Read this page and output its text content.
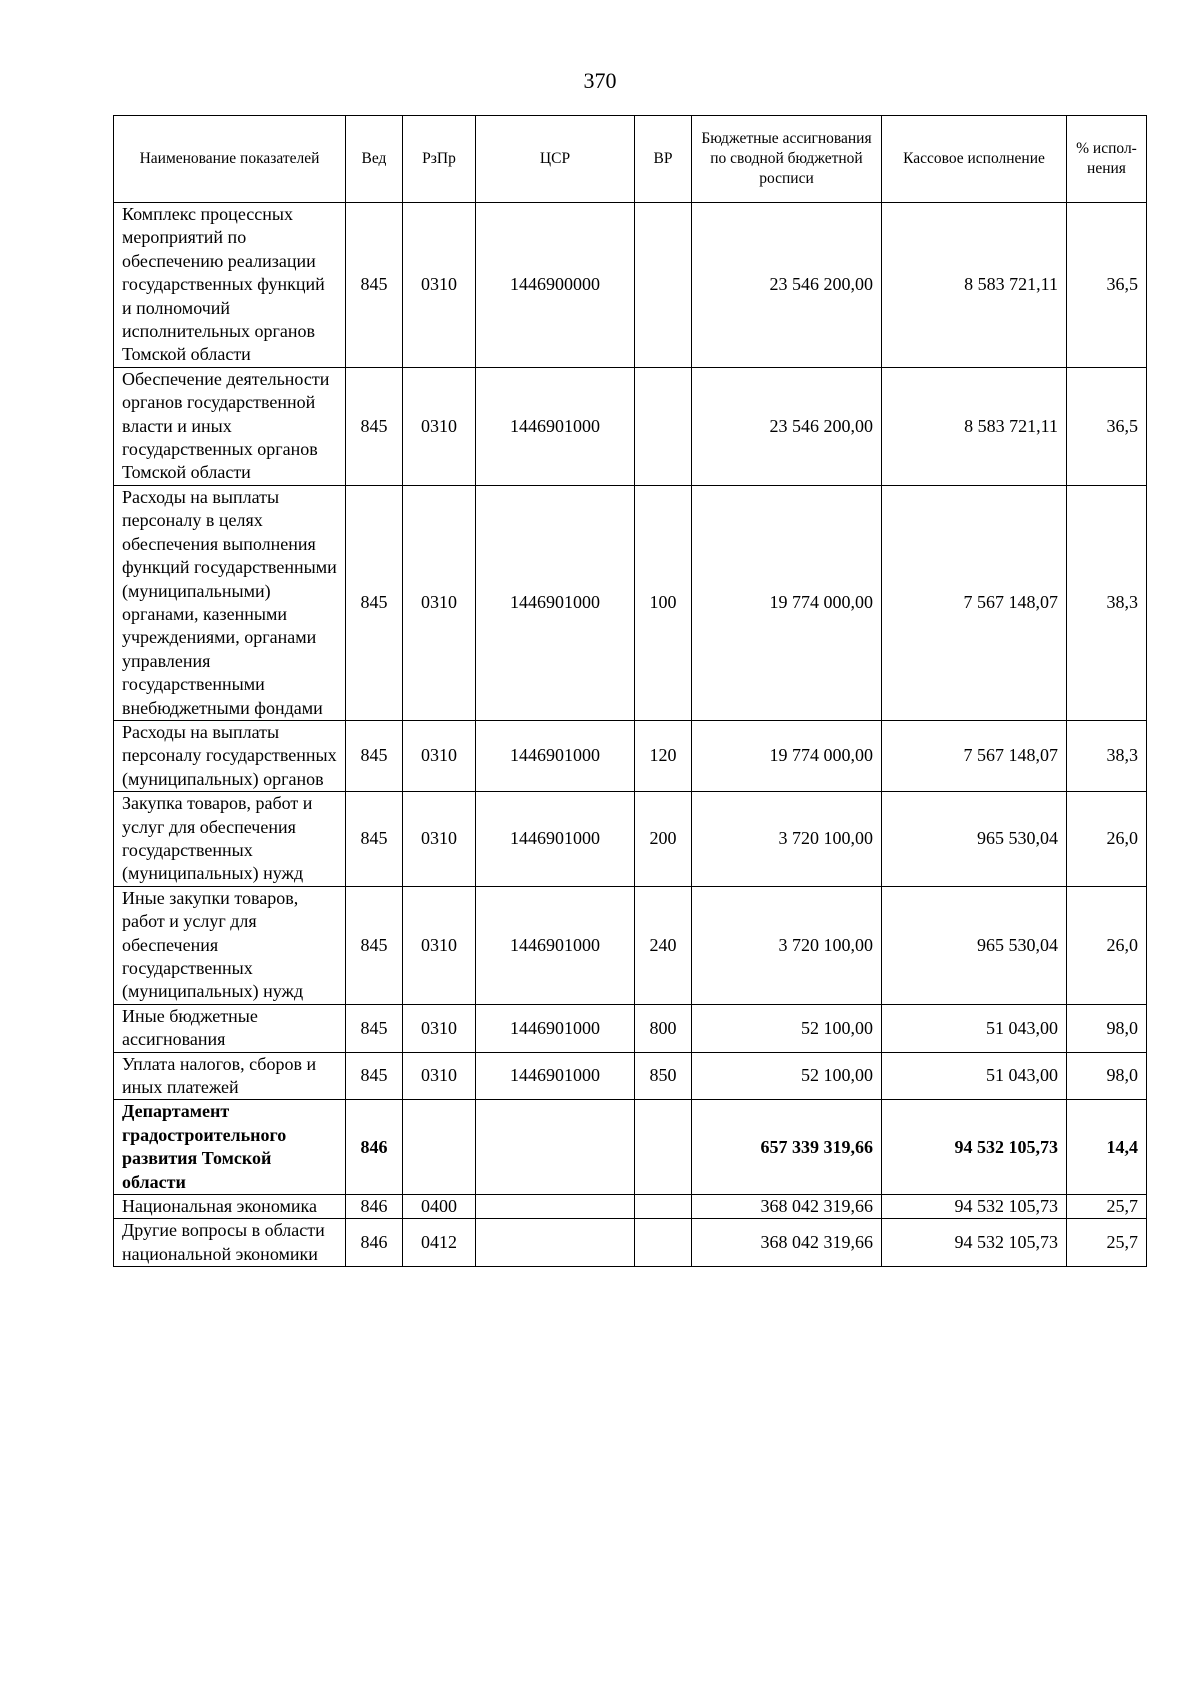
370
Наименование показателей	Вед	РзПр	ЦСР	ВР	Бюджетные ассигнования по сводной бюджетной росписи	Кассовое исполнение	% испол-нения
Комплекс процессных мероприятий по обеспечению реализации государственных функций и полномочий исполнительных органов Томской области	845	0310	1446900000		23 546 200,00	8 583 721,11	36,5
Обеспечение деятельности органов государственной власти и иных государственных органов Томской области	845	0310	1446901000		23 546 200,00	8 583 721,11	36,5
Расходы на выплаты персоналу в целях обеспечения выполнения функций государственными (муниципальными) органами, казенными учреждениями, органами управления государственными внебюджетными фондами	845	0310	1446901000	100	19 774 000,00	7 567 148,07	38,3
Расходы на выплаты персоналу государственных (муниципальных) органов	845	0310	1446901000	120	19 774 000,00	7 567 148,07	38,3
Закупка товаров, работ и услуг для обеспечения государственных (муниципальных) нужд	845	0310	1446901000	200	3 720 100,00	965 530,04	26,0
Иные закупки товаров, работ и услуг для обеспечения государственных (муниципальных) нужд	845	0310	1446901000	240	3 720 100,00	965 530,04	26,0
Иные бюджетные ассигнования	845	0310	1446901000	800	52 100,00	51 043,00	98,0
Уплата налогов, сборов и иных платежей	845	0310	1446901000	850	52 100,00	51 043,00	98,0
Департамент градостроительного развития Томской области	846				657 339 319,66	94 532 105,73	14,4
Национальная экономика	846	0400			368 042 319,66	94 532 105,73	25,7
Другие вопросы в области национальной экономики	846	0412			368 042 319,66	94 532 105,73	25,7
